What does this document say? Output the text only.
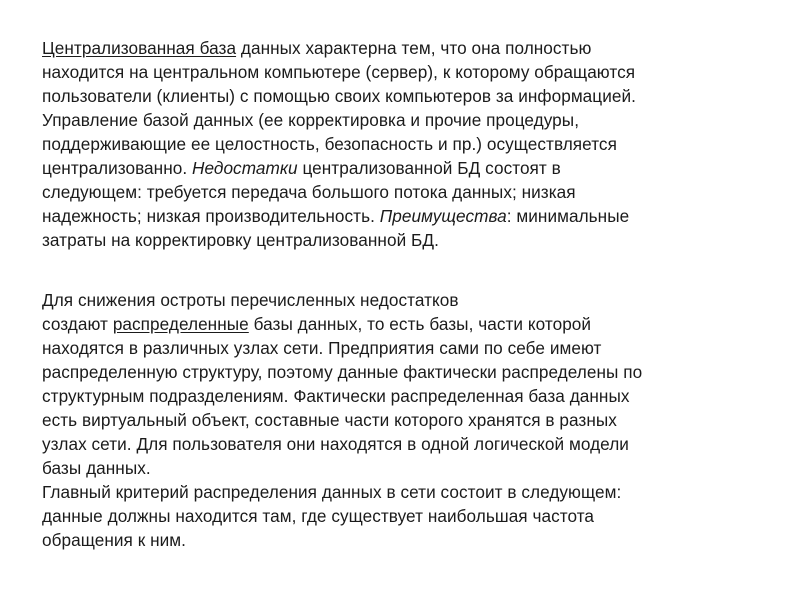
Централизованная база данных характерна тем, что она полностью
находится на центральном компьютере (сервер), к которому обращаются
пользователи (клиенты) с помощью своих компьютеров за информацией.
Управление базой данных (ее корректировка и прочие процедуры,
поддерживающие ее целостность, безопасность и пр.) осуществляется
централизованно. Недостатки централизованной БД состоят в
следующем: требуется передача большого потока данных; низкая
надежность; низкая производительность. Преимущества: минимальные
затраты на корректировку централизованной БД.
Для снижения остроты перечисленных недостатков
создают распределенные базы данных, то есть базы, части которой
находятся в различных узлах сети. Предприятия сами по себе имеют
распределенную структуру, поэтому данные фактически распределены по
структурным подразделениям. Фактически распределенная база данных
есть виртуальный объект, составные части которого хранятся в разных
узлах сети. Для пользователя они находятся в одной логической модели
базы данных.
Главный критерий распределения данных в сети состоит в следующем:
данные должны находится там, где существует наибольшая частота
обращения к ним.
